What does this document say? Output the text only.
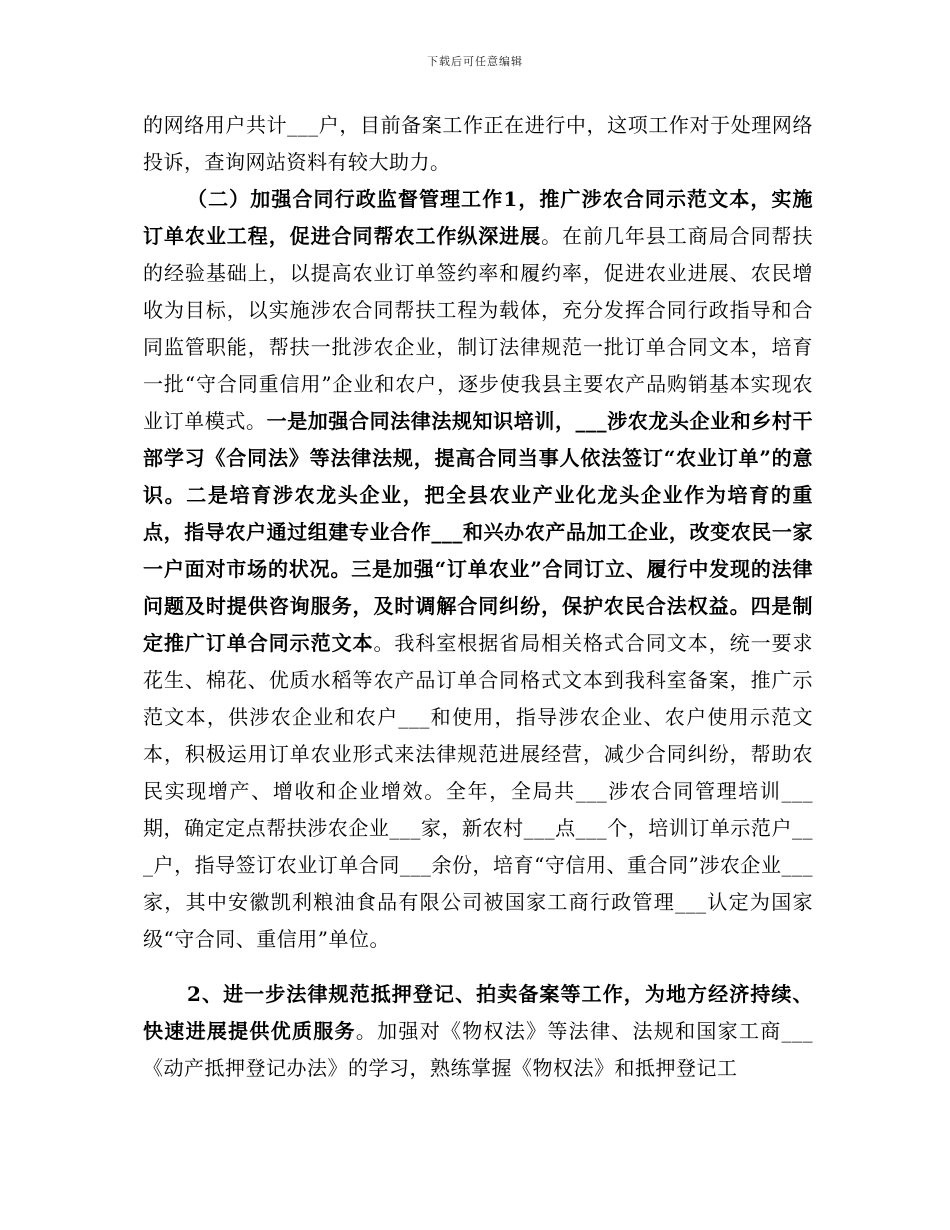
下载后可任意编辑

的网络用户共计___户，目前备案工作正在进行中，这项工作对于处理网络投诉，查询网站资料有较大助力。

（二）加强合同行政监督管理工作1，推广涉农合同示范文本，实施订单农业工程，促进合同帮农工作纵深进展。在前几年县工商局合同帮扶的经验基础上，以提高农业订单签约率和履约率，促进农业进展、农民增收为目标，以实施涉农合同帮扶工程为载体，充分发挥合同行政指导和合同监管职能，帮扶一批涉农企业，制订法律规范一批订单合同文本，培育一批“守合同重信用”企业和农户，逐步使我县主要农产品购销基本实现农业订单模式。一是加强合同法律法规知识培训，___涉农龙头企业和乡村干部学习《合同法》等法律法规，提高合同当事人依法签订“农业订单”的意识。二是培育涉农龙头企业，把全县农业产业化龙头企业作为培育的重点，指导农户通过组建专业合作___和兴办农产品加工企业，改变农民一家一户面对市场的状况。三是加强“订单农业”合同订立、履行中发现的法律问题及时提供咨询服务，及时调解合同纠纷，保护农民合法权益。四是制定推广订单合同示范文本。我科室根据省局相关格式合同文本，统一要求花生、棉花、优质水稻等农产品订单合同格式文本到我科室备案，推广示范文本，供涉农企业和农户___和使用，指导涉农企业、农户使用示范文本，积极运用订单农业形式来法律规范进展经营，减少合同纠纷，帮助农民实现增产、增收和企业增效。全年，全局共___涉农合同管理培训___期，确定定点帮扶涉农企业___家，新农村___点___个，培训订单示范户___户，指导签订农业订单合同___余份，培育“守信用、重合同”涉农企业___家，其中安徽凯利粮油食品有限公司被国家工商行政管理___认定为国家级“守合同、重信用”单位。

2、进一步法律规范抵押登记、拍卖备案等工作，为地方经济持续、快速进展提供优质服务。加强对《物权法》等法律、法规和国家工商___《动产抵押登记办法》的学习，熟练掌握《物权法》和抵押登记工
